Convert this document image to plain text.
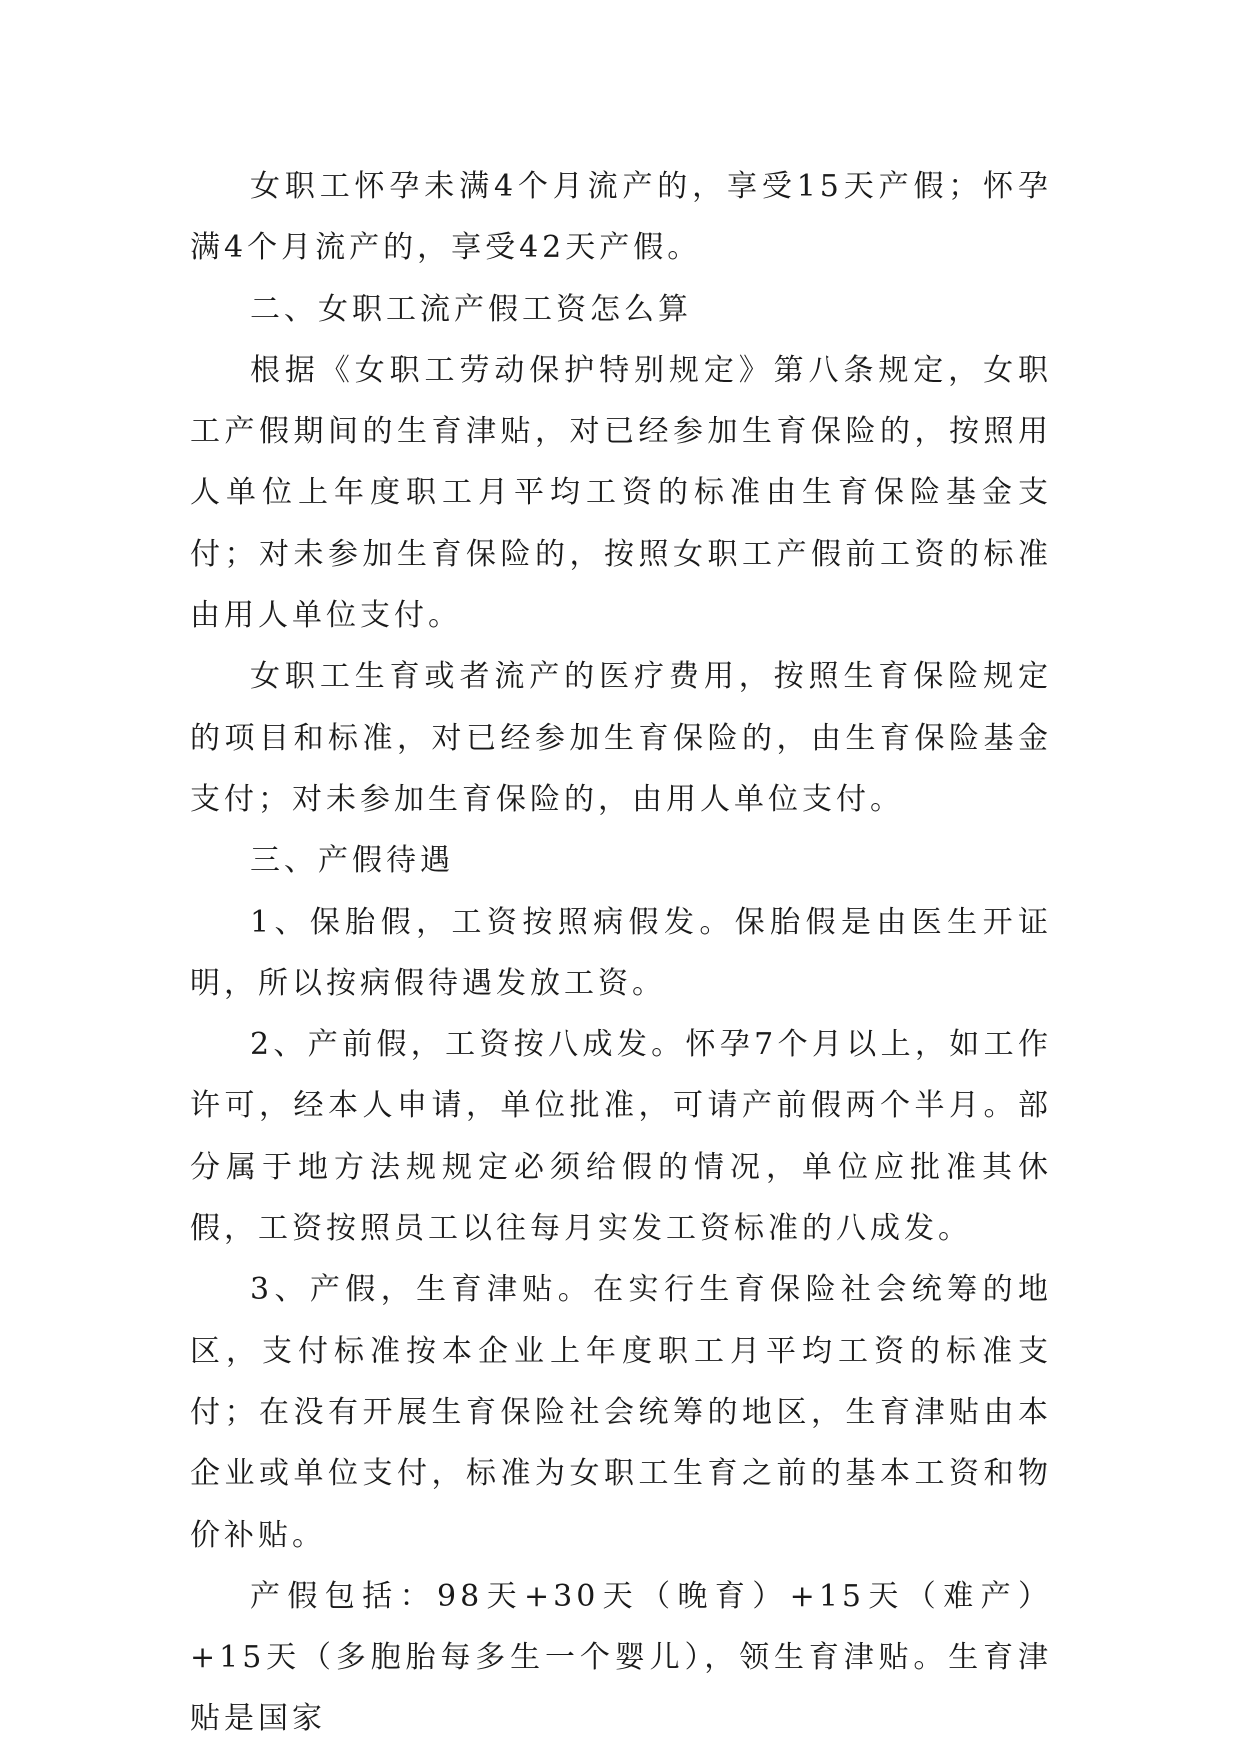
女职工怀孕未满4个月流产的，享受15天产假；怀孕满4个月流产的，享受42天产假。

二、女职工流产假工资怎么算

根据《女职工劳动保护特别规定》第八条规定，女职工产假期间的生育津贴，对已经参加生育保险的，按照用人单位上年度职工月平均工资的标准由生育保险基金支付；对未参加生育保险的，按照女职工产假前工资的标准由用人单位支付。

女职工生育或者流产的医疗费用，按照生育保险规定的项目和标准，对已经参加生育保险的，由生育保险基金支付；对未参加生育保险的，由用人单位支付。

三、产假待遇

1、保胎假，工资按照病假发。保胎假是由医生开证明，所以按病假待遇发放工资。

2、产前假，工资按八成发。怀孕7个月以上，如工作许可，经本人申请，单位批准，可请产前假两个半月。部分属于地方法规规定必须给假的情况，单位应批准其休假，工资按照员工以往每月实发工资标准的八成发。

3、产假，生育津贴。在实行生育保险社会统筹的地区，支付标准按本企业上年度职工月平均工资的标准支付；在没有开展生育保险社会统筹的地区，生育津贴由本企业或单位支付，标准为女职工生育之前的基本工资和物价补贴。

产假包括：98天+30天（晚育）+15天（难产）+15天（多胞胎每多生一个婴儿），领生育津贴。生育津贴是国家
